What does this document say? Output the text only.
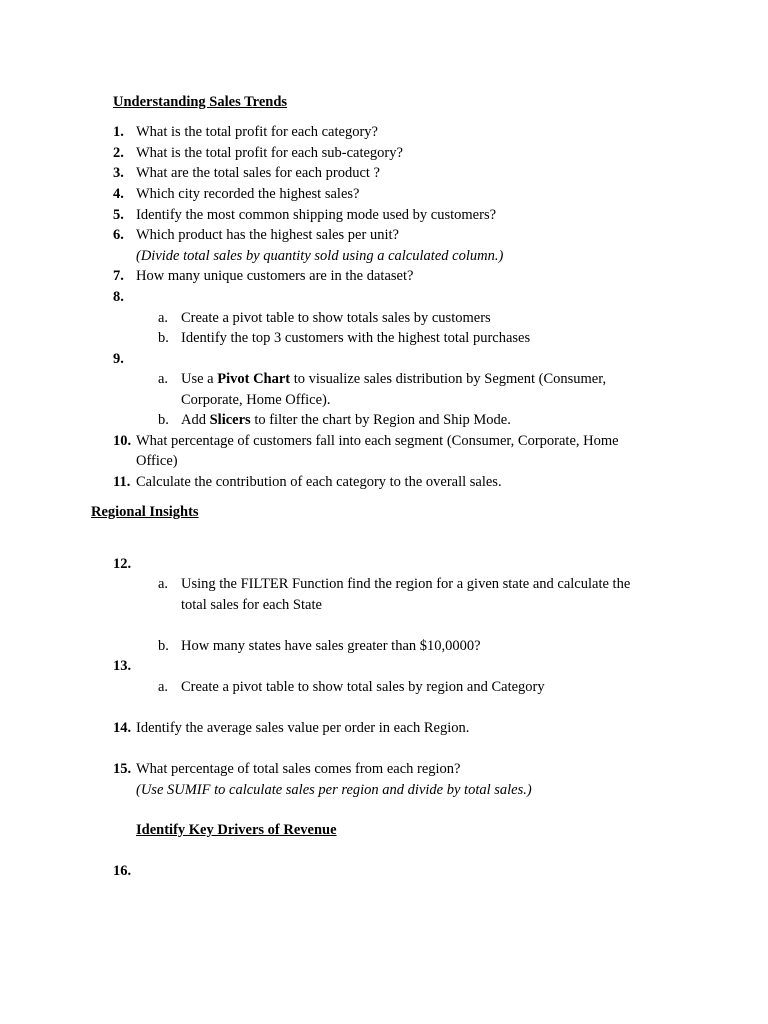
Understanding Sales Trends
1. What is the total profit for each category?
2. What is the total profit for each sub-category?
3. What are the total sales for each product ?
4. Which city recorded the highest sales?
5. Identify the most common shipping mode used by customers?
6. Which product has the highest sales per unit?
(Divide total sales by quantity sold using a calculated column.)
7. How many unique customers are in the dataset?
8.
a. Create a pivot table to show totals sales by customers
b. Identify the top 3 customers with the highest total purchases
9.
a. Use a Pivot Chart to visualize sales distribution by Segment (Consumer,
Corporate, Home Office).
b. Add Slicers to filter the chart by Region and Ship Mode.
10. What percentage of customers fall into each segment (Consumer, Corporate, Home
Office)
11. Calculate the contribution of each category to the overall sales.
Regional Insights
12.
a. Using the FILTER Function find the region for a given state and calculate the
total sales for each State
b. How many states have sales greater than $10,0000?
13.
a. Create a pivot table to show total sales by region and Category
14. Identify the average sales value per order in each Region.
15. What percentage of total sales comes from each region?
(Use SUMIF to calculate sales per region and divide by total sales.)
Identify Key Drivers of Revenue
16.
